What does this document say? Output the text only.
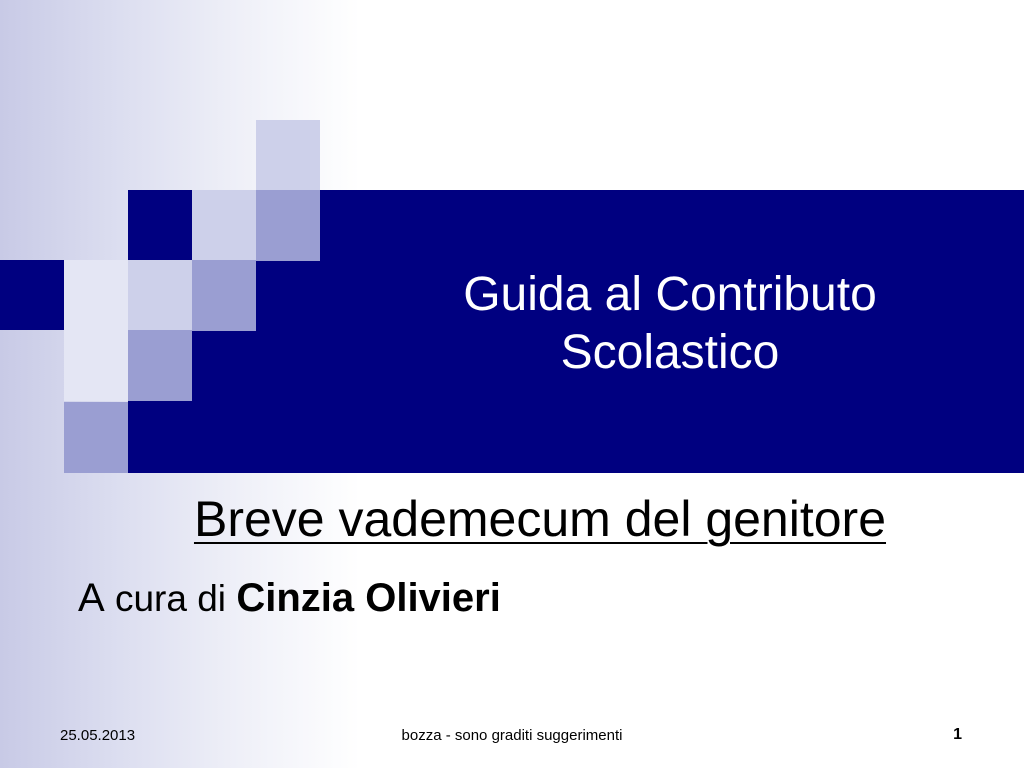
Guida al Contributo
Scolastico
Breve vademecum del genitore
A cura di Cinzia Olivieri
25.05.2013	bozza - sono graditi suggerimenti	1
